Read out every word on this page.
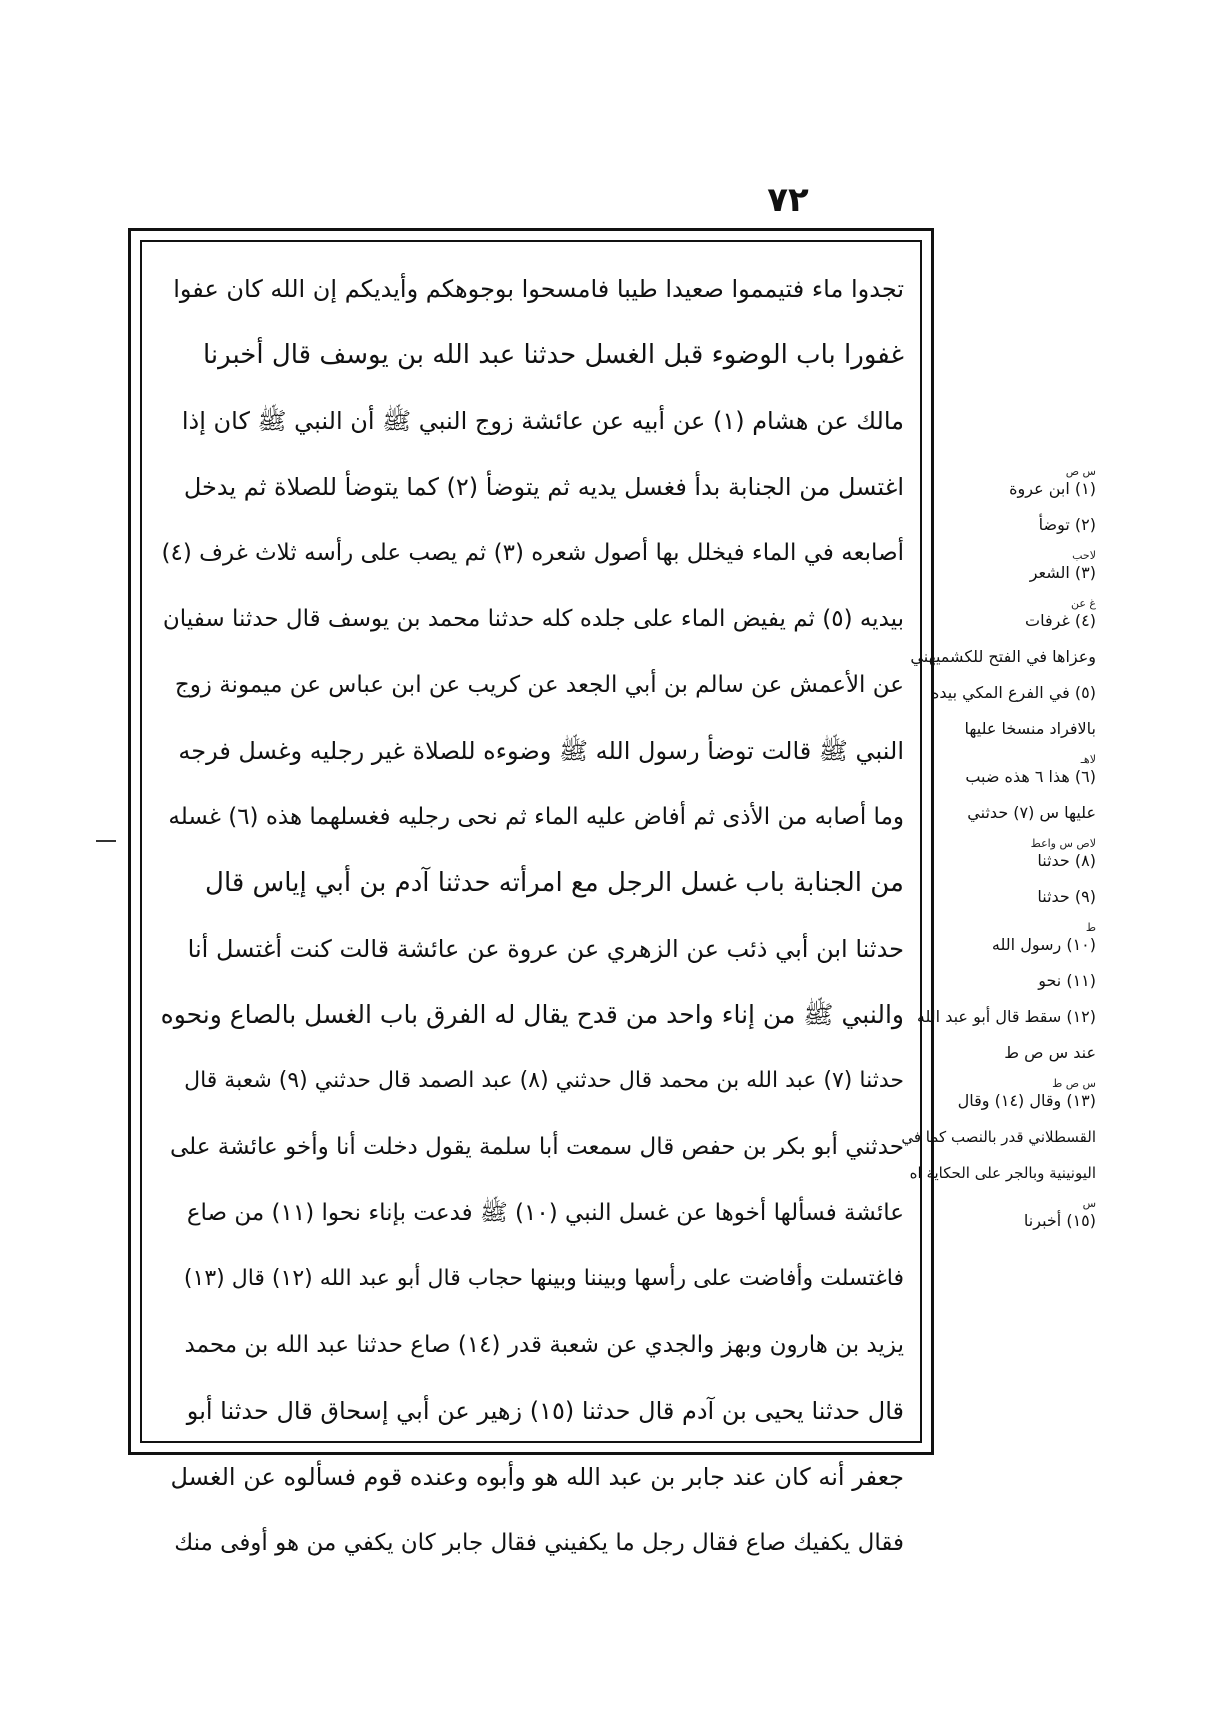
٧٢
تجدوا ماء فتيمموا صعيدا طيبا فامسحوا بوجوهكم وأيديكم إن الله كان عفوا
غفورا باب الوضوء قبل الغسل حدثنا عبد الله بن يوسف قال أخبرنا
مالك عن هشام (١) عن أبيه عن عائشة زوج النبي ﷺ أن النبي ﷺ كان إذا
اغتسل من الجنابة بدأ فغسل يديه ثم يتوضأ (٢) كما يتوضأ للصلاة ثم يدخل
أصابعه في الماء فيخلل بها أصول شعره (٣) ثم يصب على رأسه ثلاث غرف (٤)
بيديه (٥) ثم يفيض الماء على جلده كله حدثنا محمد بن يوسف قال حدثنا سفيان
عن الأعمش عن سالم بن أبي الجعد عن كريب عن ابن عباس عن ميمونة زوج
النبي ﷺ قالت توضأ رسول الله ﷺ وضوءه للصلاة غير رجليه وغسل فرجه
وما أصابه من الأذى ثم أفاض عليه الماء ثم نحى رجليه فغسلهما هذه (٦) غسله
من الجنابة باب غسل الرجل مع امرأته حدثنا آدم بن أبي إياس قال
حدثنا ابن أبي ذئب عن الزهري عن عروة عن عائشة قالت كنت أغتسل أنا
والنبي ﷺ من إناء واحد من قدح يقال له الفرق باب الغسل بالصاع ونحوه
حدثنا (٧) عبد الله بن محمد قال حدثني (٨) عبد الصمد قال حدثني (٩) شعبة قال
حدثني أبو بكر بن حفص قال سمعت أبا سلمة يقول دخلت أنا وأخو عائشة على
عائشة فسألها أخوها عن غسل النبي (١٠) ﷺ فدعت بإناء نحوا (١١) من صاع
فاغتسلت وأفاضت على رأسها وبيننا وبينها حجاب قال أبو عبد الله (١٢) قال (١٣)
يزيد بن هارون وبهز والجدي عن شعبة قدر (١٤) صاع حدثنا عبد الله بن محمد
قال حدثنا يحيى بن آدم قال حدثنا (١٥) زهير عن أبي إسحاق قال حدثنا أبو
جعفر أنه كان عند جابر بن عبد الله هو وأبوه وعنده قوم فسألوه عن الغسل
فقال يكفيك صاع فقال رجل ما يكفيني فقال جابر كان يكفي من هو أوفى منك
س ص
(١) ابن عروة
(٢) توضأ
لاحب
(٣) الشعر
غ عن
(٤) غرفات
وعزاها في الفتح للكشميهني
(٥) في الفرع المكي بيده
بالافراد منسخا عليها
لاهـ
(٦) هذا ٦ هذه ضبب
عليها س (٧) حدثني
لاص س واعط
(٨) حدثنا
(٩) حدثنا
ط
(١٠) رسول الله
(١١) نحو
(١٢) سقط قال أبو عبد الله
عند س ص ط
س ص ط
(١٣) وقال (١٤) وقال
القسطلاني قدر بالنصب كما في
اليونينية وبالجر على الحكاية اه
س
(١٥) أخبرنا
